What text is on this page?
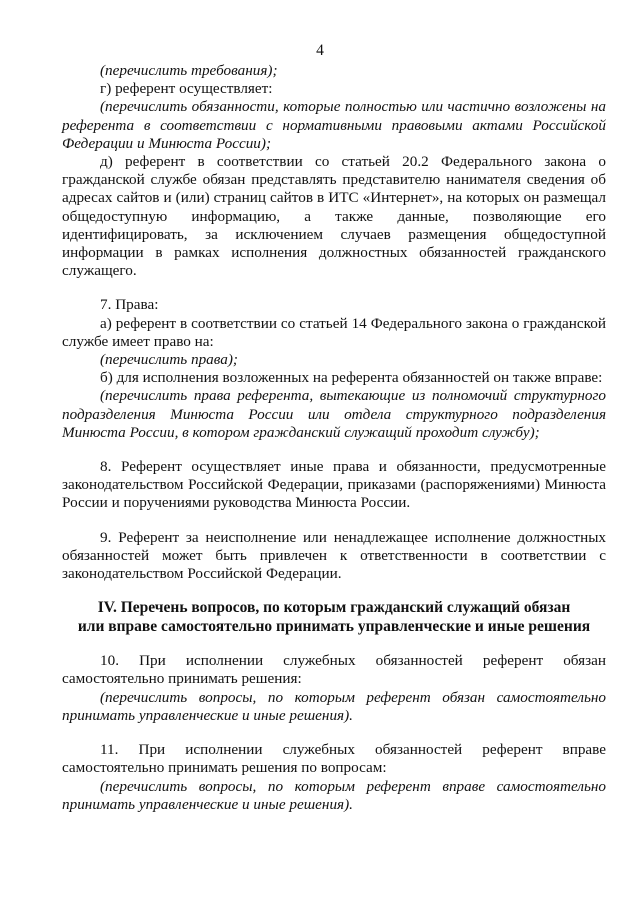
4

(перечислить требования);

г) референт осуществляет:

(перечислить обязанности, которые полностью или частично возложены на референта в соответствии с нормативными правовыми актами Российской Федерации и Минюста России);

д) референт в соответствии со статьей 20.2 Федерального закона о гражданской службе обязан представлять представителю нанимателя сведения об адресах сайтов и (или) страниц сайтов в ИТС «Интернет», на которых он размещал общедоступную информацию, а также данные, позволяющие его идентифицировать, за исключением случаев размещения общедоступной информации в рамках исполнения должностных обязанностей гражданского служащего.

7. Права:

а) референт в соответствии со статьей 14 Федерального закона о гражданской службе имеет право на:

(перечислить права);

б) для исполнения возложенных на референта обязанностей он также вправе:

(перечислить права референта, вытекающие из полномочий структурного подразделения Минюста России или отдела структурного подразделения Минюста России, в котором гражданский служащий проходит службу);

8. Референт осуществляет иные права и обязанности, предусмотренные законодательством Российской Федерации, приказами (распоряжениями) Минюста России и поручениями руководства Минюста России.

9. Референт за неисполнение или ненадлежащее исполнение должностных обязанностей может быть привлечен к ответственности в соответствии с законодательством Российской Федерации.

IV. Перечень вопросов, по которым гражданский служащий обязан
или вправе самостоятельно принимать управленческие и иные решения

10. При исполнении служебных обязанностей референт обязан самостоятельно принимать решения:

(перечислить вопросы, по которым референт обязан самостоятельно принимать управленческие и иные решения).

11. При исполнении служебных обязанностей референт вправе самостоятельно принимать решения по вопросам:

(перечислить вопросы, по которым референт вправе самостоятельно принимать управленческие и иные решения).
